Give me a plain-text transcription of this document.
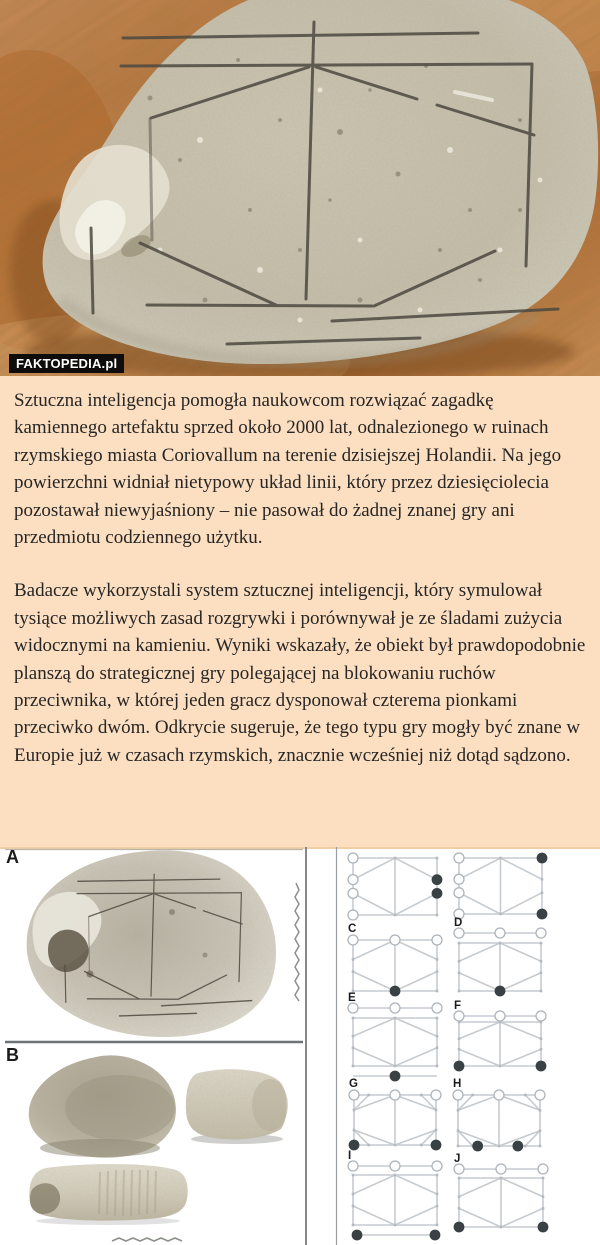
FAKTOPEDIA.pl

Sztuczna inteligencja pomogła naukowcom rozwiązać zagadkę kamiennego artefaktu sprzed około 2000 lat, odnalezionego w ruinach rzymskiego miasta Coriovallum na terenie dzisiejszej Holandii. Na jego powierzchni widniał nietypowy układ linii, który przez dziesięciolecia pozostawał niewyjaśniony – nie pasował do żadnej znanej gry ani przedmiotu codziennego użytku.

Badacze wykorzystali system sztucznej inteligencji, który symulował tysiące możliwych zasad rozgrywki i porównywał je ze śladami zużycia widocznymi na kamieniu. Wyniki wskazały, że obiekt był prawdopodobnie planszą do strategicznej gry polegającej na blokowaniu ruchów przeciwnika, w której jeden gracz dysponował czterema pionkami przeciwko dwóm. Odkrycie sugeruje, że tego typu gry mogły być znane w Europie już w czasach rzymskich, znacznie wcześniej niż dotąd sądzono.

A
B
C	D
E
F
G	H
I	J
